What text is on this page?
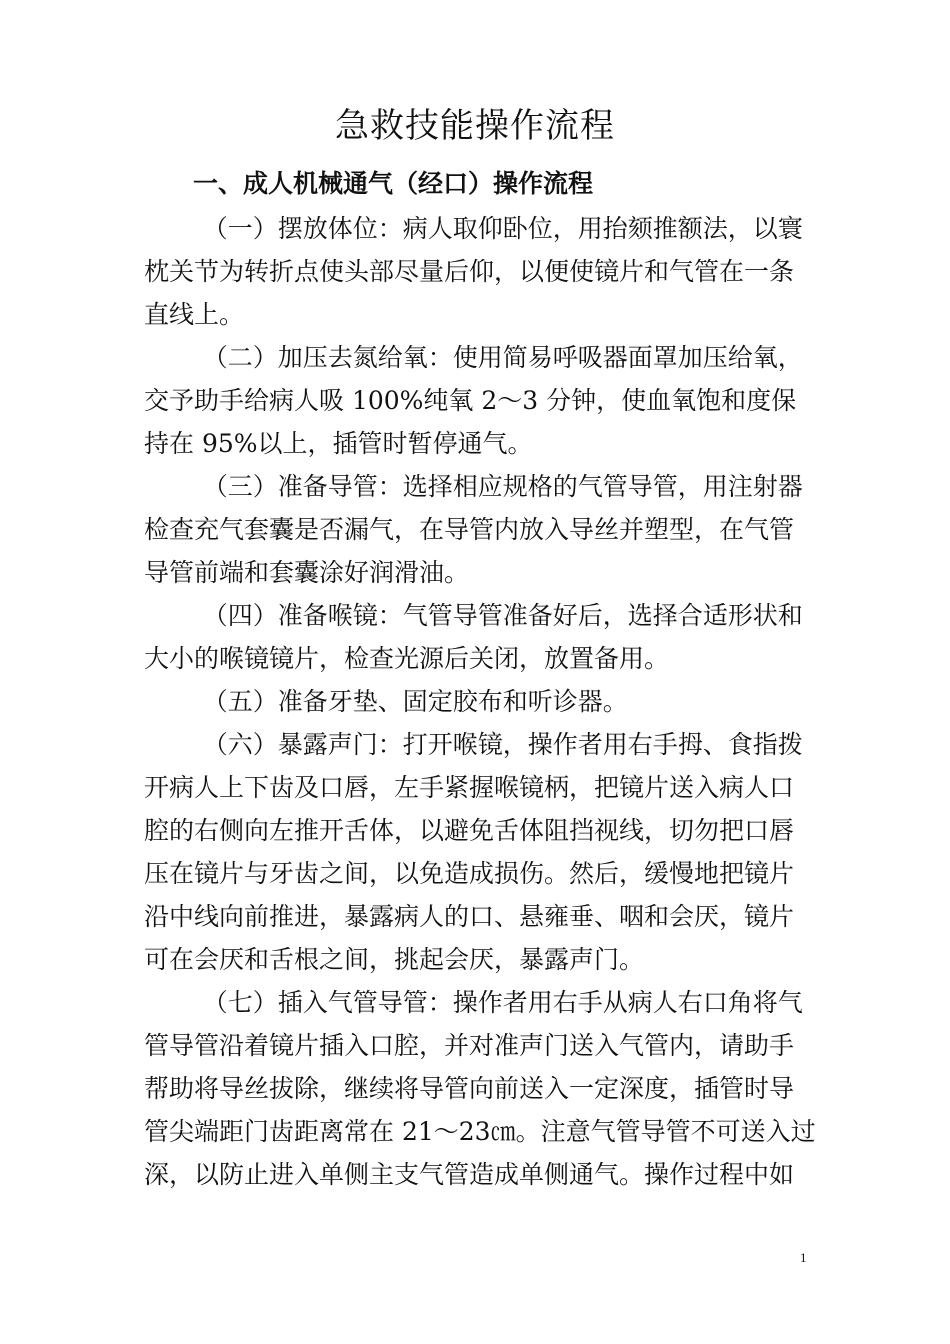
急救技能操作流程
一、成人机械通气（经口）操作流程

（一）摆放体位：病人取仰卧位，用抬颏推额法，以寰枕关节为转折点使头部尽量后仰，以便使镜片和气管在一条直线上。

（二）加压去氮给氧：使用简易呼吸器面罩加压给氧，交予助手给病人吸 100%纯氧 2～3 分钟，使血氧饱和度保持在 95%以上，插管时暂停通气。

（三）准备导管：选择相应规格的气管导管，用注射器检查充气套囊是否漏气，在导管内放入导丝并塑型，在气管导管前端和套囊涂好润滑油。

（四）准备喉镜：气管导管准备好后，选择合适形状和大小的喉镜镜片，检查光源后关闭，放置备用。

（五）准备牙垫、固定胶布和听诊器。

（六）暴露声门：打开喉镜，操作者用右手拇、食指拨开病人上下齿及口唇，左手紧握喉镜柄，把镜片送入病人口腔的右侧向左推开舌体，以避免舌体阻挡视线，切勿把口唇压在镜片与牙齿之间，以免造成损伤。然后，缓慢地把镜片沿中线向前推进，暴露病人的口、悬雍垂、咽和会厌，镜片可在会厌和舌根之间，挑起会厌，暴露声门。

（七）插入气管导管：操作者用右手从病人右口角将气管导管沿着镜片插入口腔，并对准声门送入气管内，请助手帮助将导丝拔除，继续将导管向前送入一定深度，插管时导管尖端距门齿距离常在 21～23㎝。注意气管导管不可送入过深，以防止进入单侧主支气管造成单侧通气。操作过程中如

1
